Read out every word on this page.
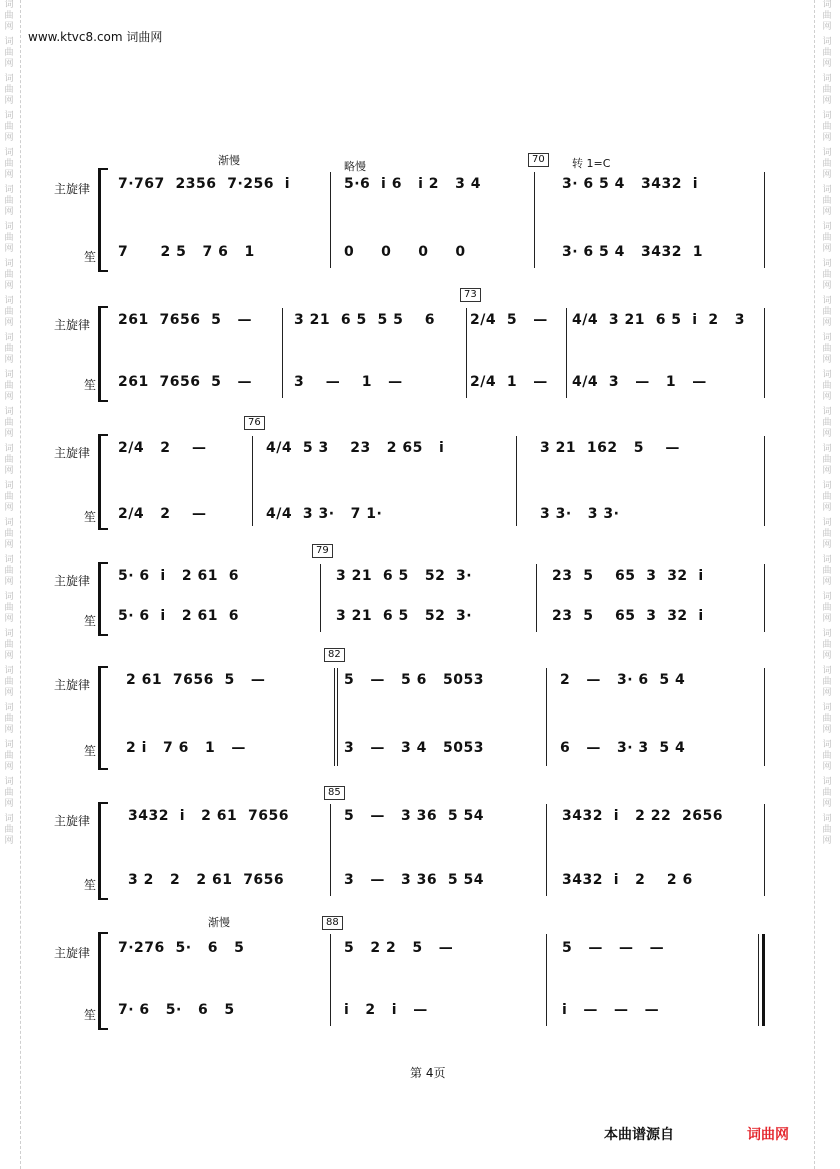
词
曲
网
词
曲
网
词
曲
网
词
曲
网
词
曲
网
词
曲
网
词
曲
网
词
曲
网
词
曲
网
词
曲
网
词
曲
网
词
曲
网
词
曲
网
词
曲
网
词
曲
网
词
曲
网
词
曲
网
词
曲
网
词
曲
网
词
曲
网
词
曲
网
词
曲
网
词
曲
网
词
曲
网
词
曲
网
词
曲
网
词
曲
网
词
曲
网
词
曲
网
词
曲
网
词
曲
网
词
曲
网
词
曲
网
词
曲
网
词
曲
网
词
曲
网
词
曲
网
词
曲
网
词
曲
网
词
曲
网
词
曲
网
词
曲
网
词
曲
网
词
曲
网
词
曲
网
词
曲
网
www.ktvc8.com 词曲网
渐慢	略慢
70	转 1=C
主旋律
笙
7·767  2356  7·256  i	5·6  i 6   i 2   3 4	3· 6 5 4   3432  i
7      2 5   7 6   1	0     0     0     0	3· 6 5 4   3432  1
73
主旋律
笙
261  7656  5   —	3 21  6 5  5 5    6 2/4  5   — 4/4  3 21  6 5  i  2   3
261  7656  5   —	3    —    1   —	2/4  1   — 4/4  3   —   1   —
76
主旋律
笙
2/4   2    —	4/4  5 3    23   2 65   i	3 21  162   5    —
2/4   2    —	4/4  3 3·   7 1·	3 3·   3 3·
79
主旋律
笙
5· 6  i   2 61  6	3 21  6 5   52  3·	23  5    65  3  32  i
5· 6  i   2 61  6	3 21  6 5   52  3·	23  5    65  3  32  i
82
主旋律
笙
2 61  7656  5   —	5   —   5 6   5053	2   —   3· 6  5 4
2 i   7 6   1   —	3   —   3 4   5053	6   —   3· 3  5 4
85
主旋律
笙
3432  i   2 61  7656	5   —   3 36  5 54	3432  i   2 22  2656
3 2   2   2 61  7656	3   —   3 36  5 54	3432  i   2    2 6
渐慢	88
主旋律
笙
7·276  5·   6   5	5   2 2   5   —	5   —   —   —
7· 6   5·   6   5	i   2   i   —	i   —   —   —
第 4页
本曲谱源自	词曲网
